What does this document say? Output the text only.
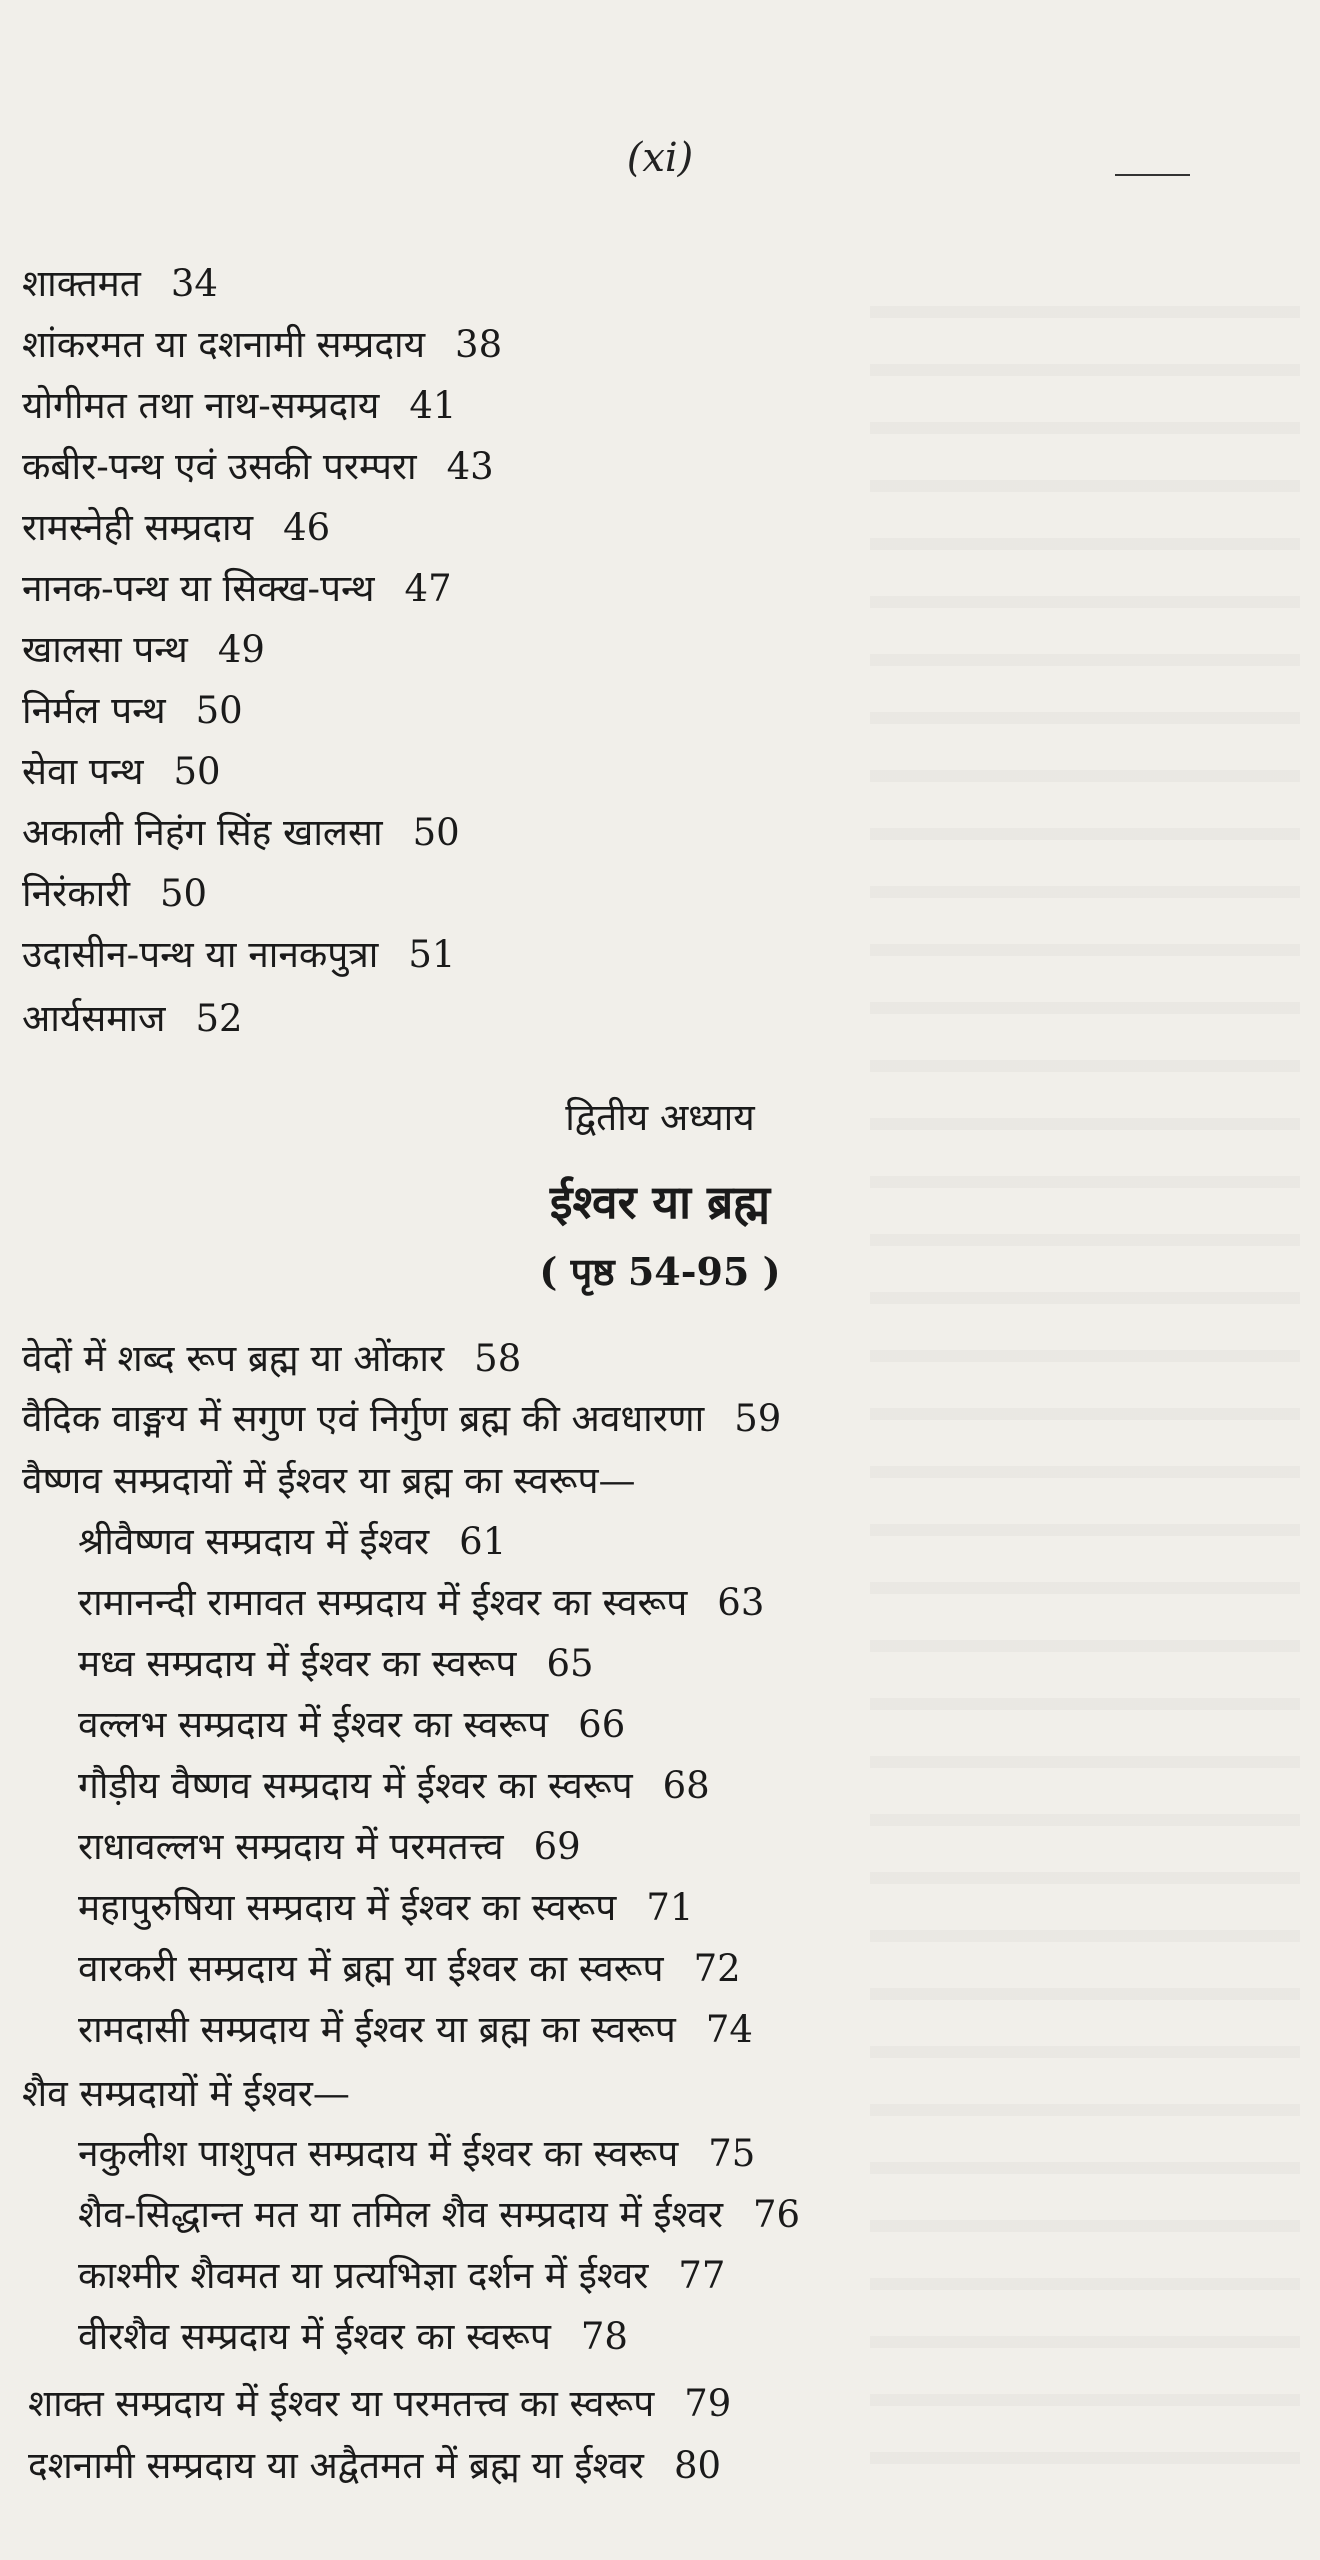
(xi)
शाक्तमत 34
शांकरमत या दशनामी सम्प्रदाय 38
योगीमत तथा नाथ-सम्प्रदाय 41
कबीर-पन्थ एवं उसकी परम्परा 43
रामस्नेही सम्प्रदाय 46
नानक-पन्थ या सिक्ख-पन्थ 47
खालसा पन्थ 49
निर्मल पन्थ 50
सेवा पन्थ 50
अकाली निहंग सिंह खालसा 50
निरंकारी 50
उदासीन-पन्थ या नानकपुत्रा 51
आर्यसमाज 52
द्वितीय अध्याय
ईश्वर या ब्रह्म
( पृष्ठ 54-95 )
वेदों में शब्द रूप ब्रह्म या ओंकार 58
वैदिक वाङ्मय में सगुण एवं निर्गुण ब्रह्म की अवधारणा 59
वैष्णव सम्प्रदायों में ईश्वर या ब्रह्म का स्वरूप—
श्रीवैष्णव सम्प्रदाय में ईश्वर 61
रामानन्दी रामावत सम्प्रदाय में ईश्वर का स्वरूप 63
मध्व सम्प्रदाय में ईश्वर का स्वरूप 65
वल्लभ सम्प्रदाय में ईश्वर का स्वरूप 66
गौड़ीय वैष्णव सम्प्रदाय में ईश्वर का स्वरूप 68
राधावल्लभ सम्प्रदाय में परमतत्त्व 69
महापुरुषिया सम्प्रदाय में ईश्वर का स्वरूप 71
वारकरी सम्प्रदाय में ब्रह्म या ईश्वर का स्वरूप 72
रामदासी सम्प्रदाय में ईश्वर या ब्रह्म का स्वरूप 74
शैव सम्प्रदायों में ईश्वर—
नकुलीश पाशुपत सम्प्रदाय में ईश्वर का स्वरूप 75
शैव-सिद्धान्त मत या तमिल शैव सम्प्रदाय में ईश्वर 76
काश्मीर शैवमत या प्रत्यभिज्ञा दर्शन में ईश्वर 77
वीरशैव सम्प्रदाय में ईश्वर का स्वरूप 78
शाक्त सम्प्रदाय में ईश्वर या परमतत्त्व का स्वरूप 79
दशनामी सम्प्रदाय या अद्वैतमत में ब्रह्म या ईश्वर 80
